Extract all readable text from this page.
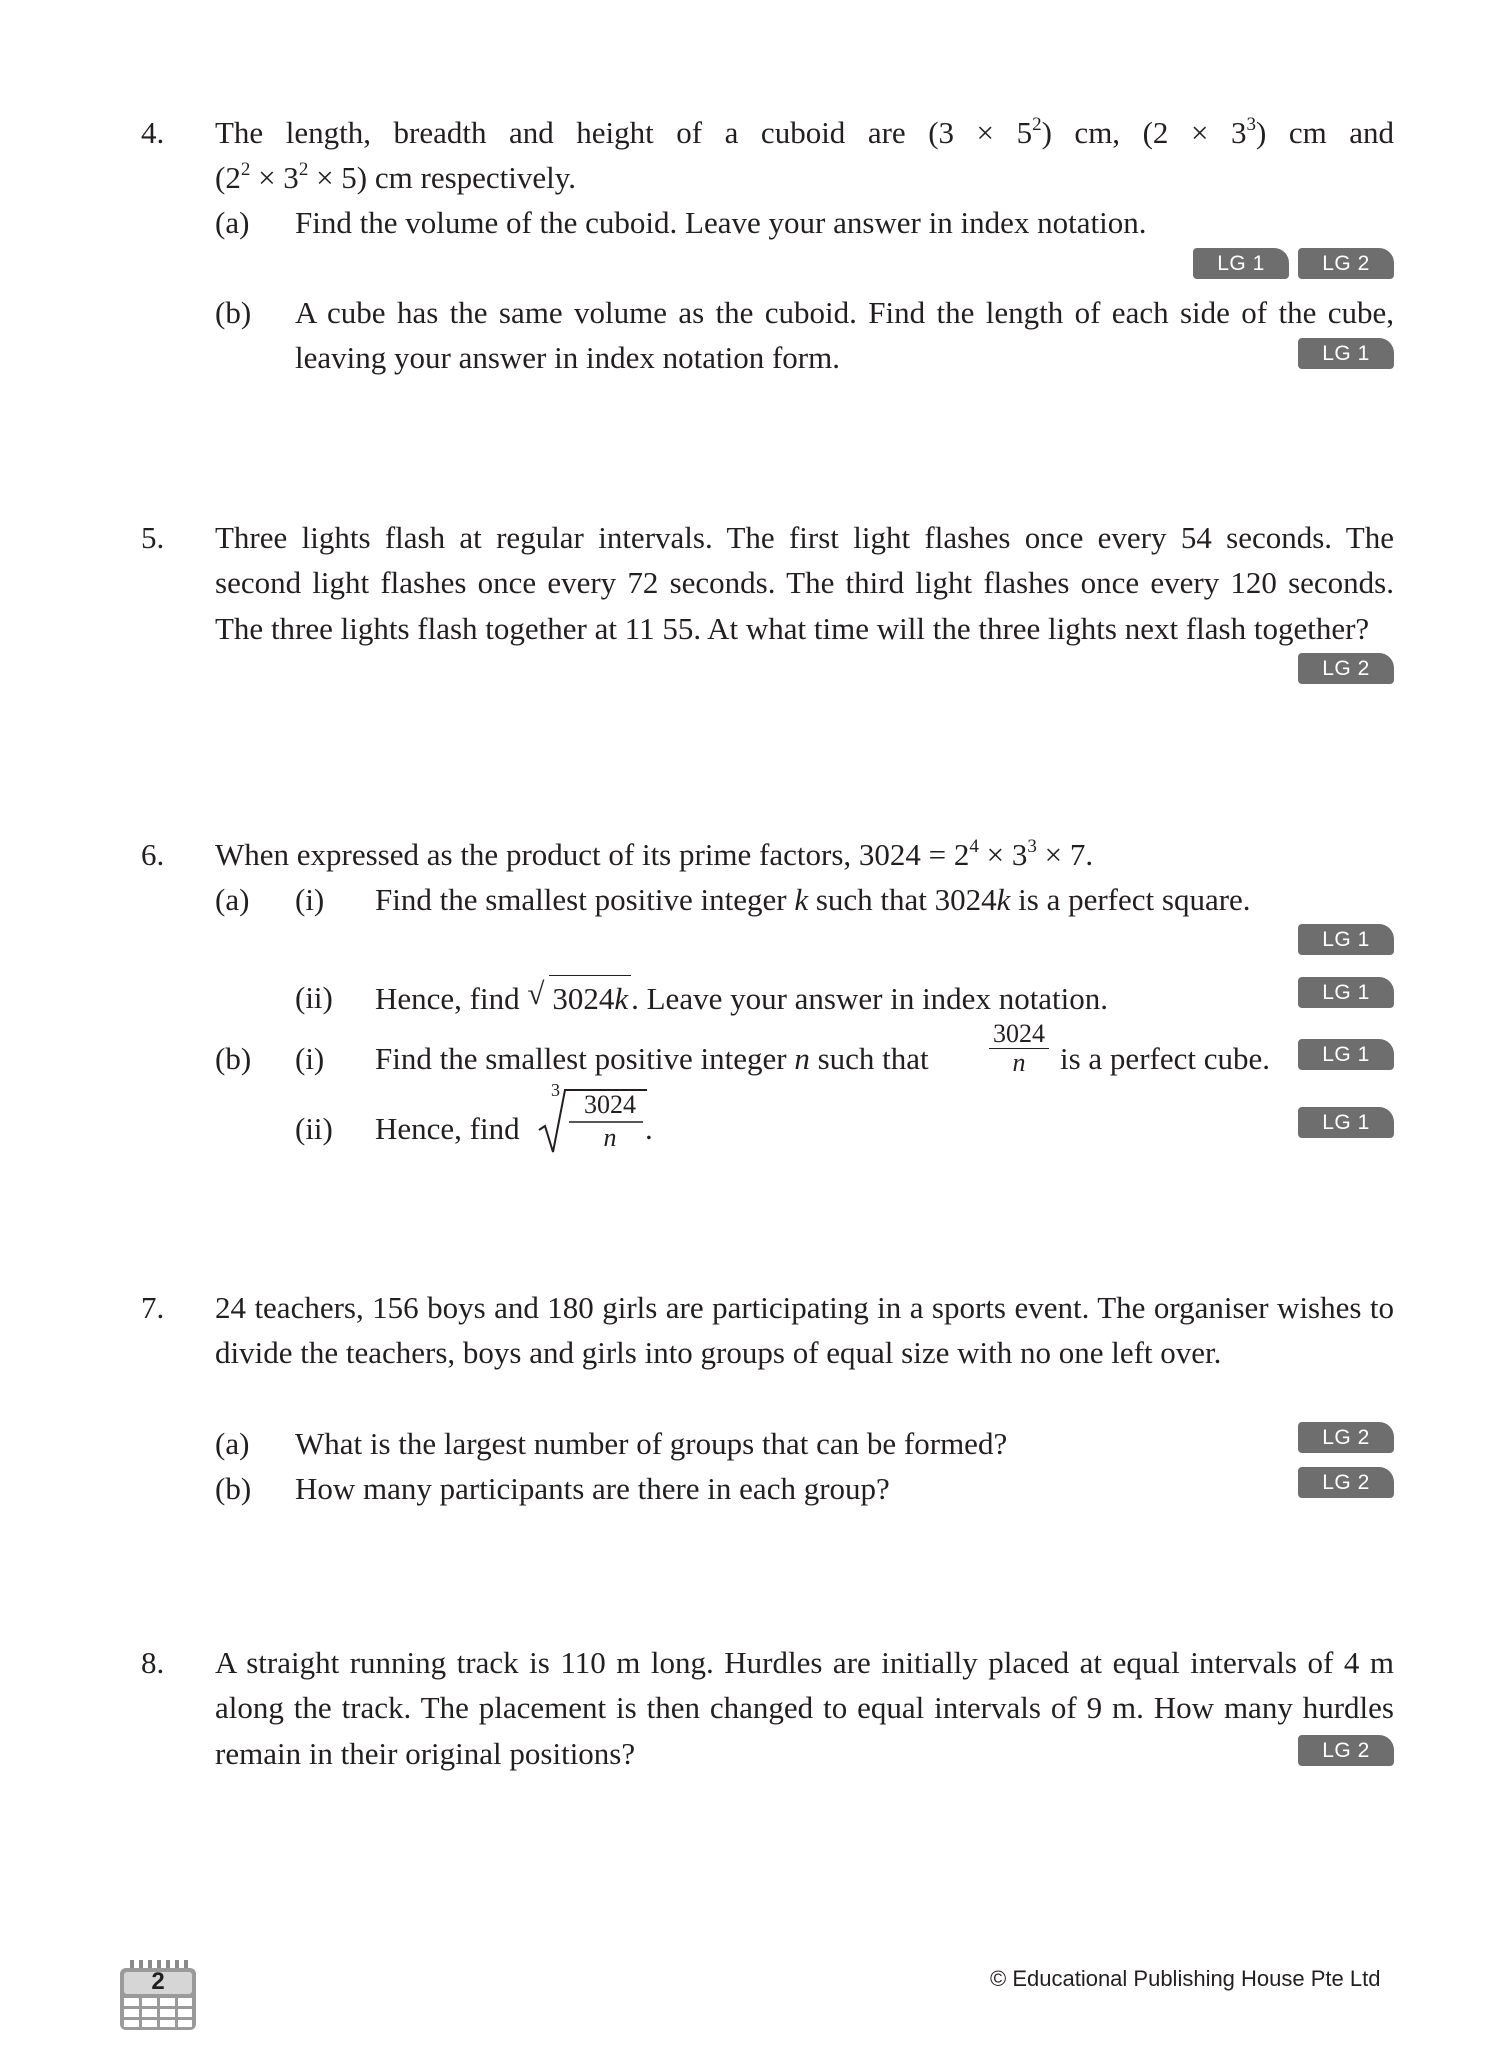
4. The length, breadth and height of a cuboid are $(3 \times 5^2)$ cm, $(2 \times 3^3)$ cm and
$(2^2 \times 3^2 \times 5)$ cm respectively.
(a) Find the volume of the cuboid. Leave your answer in index notation.
LG 1	LG 2
(b) A cube has the same volume as the cuboid. Find the length of each side of the cube, leaving your answer in index notation form.	LG 1
5. Three lights flash at regular intervals. The first light flashes once every 54 seconds. The second light flashes once every 72 seconds. The third light flashes once every 120 seconds. The three lights flash together at 11 55. At what time will the three lights next flash together?
LG 2
6. When expressed as the product of its prime factors, $3024 = 2^4 \times 3^3 \times 7$.
(a) (i) Find the smallest positive integer k such that 3024k is a perfect square.
LG 1
(ii) Hence, find √ 3024k. Leave your answer in index notation.	LG 1
(b) (i) Find the smallest positive integer n such that $\frac{3024}{n}$ is a perfect cube.	LG 1
(ii) Hence, find
3 3024
n .	LG 1
7. 24 teachers, 156 boys and 180 girls are participating in a sports event. The organiser wishes to divide the teachers, boys and girls into groups of equal size with no one left over.
(a) What is the largest number of groups that can be formed?	LG 2
(b) How many participants are there in each group?	LG 2
8. A straight running track is 110 m long. Hurdles are initially placed at equal intervals of 4 m along the track. The placement is then changed to equal intervals of 9 m. How many hurdles remain in their original positions?	LG 2
2	© Educational Publishing House Pte Ltd
